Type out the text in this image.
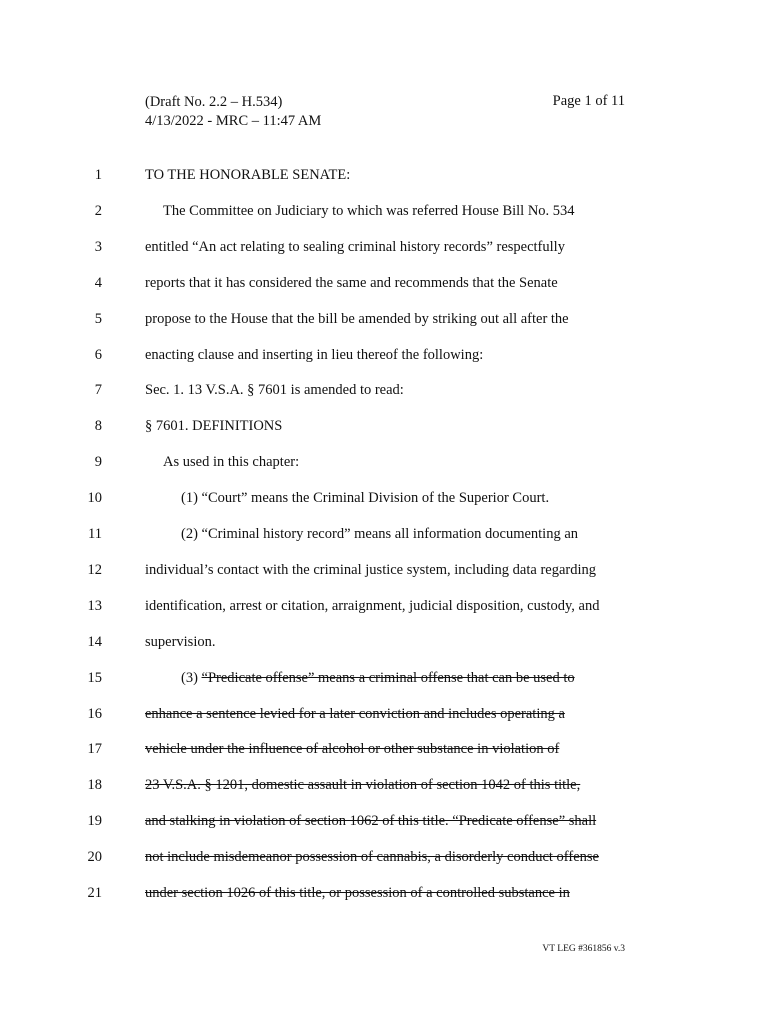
(Draft No. 2.2 – H.534)
4/13/2022 - MRC – 11:47 AM
Page 1 of 11
1	TO THE HONORABLE SENATE:
2	The Committee on Judiciary to which was referred House Bill No. 534
3	entitled “An act relating to sealing criminal history records” respectfully
4	reports that it has considered the same and recommends that the Senate
5	propose to the House that the bill be amended by striking out all after the
6	enacting clause and inserting in lieu thereof the following:
7	Sec. 1. 13 V.S.A. § 7601 is amended to read:
8	§ 7601. DEFINITIONS
9	As used in this chapter:
10	(1) “Court” means the Criminal Division of the Superior Court.
11	(2) “Criminal history record” means all information documenting an
12	individual’s contact with the criminal justice system, including data regarding
13	identification, arrest or citation, arraignment, judicial disposition, custody, and
14	supervision.
15	(3) “Predicate offense” means a criminal offense that can be used to
16	enhance a sentence levied for a later conviction and includes operating a
17	vehicle under the influence of alcohol or other substance in violation of
18	23 V.S.A. § 1201, domestic assault in violation of section 1042 of this title,
19	and stalking in violation of section 1062 of this title. “Predicate offense” shall
20	not include misdemeanor possession of cannabis, a disorderly conduct offense
21	under section 1026 of this title, or possession of a controlled substance in
VT LEG #361856 v.3
